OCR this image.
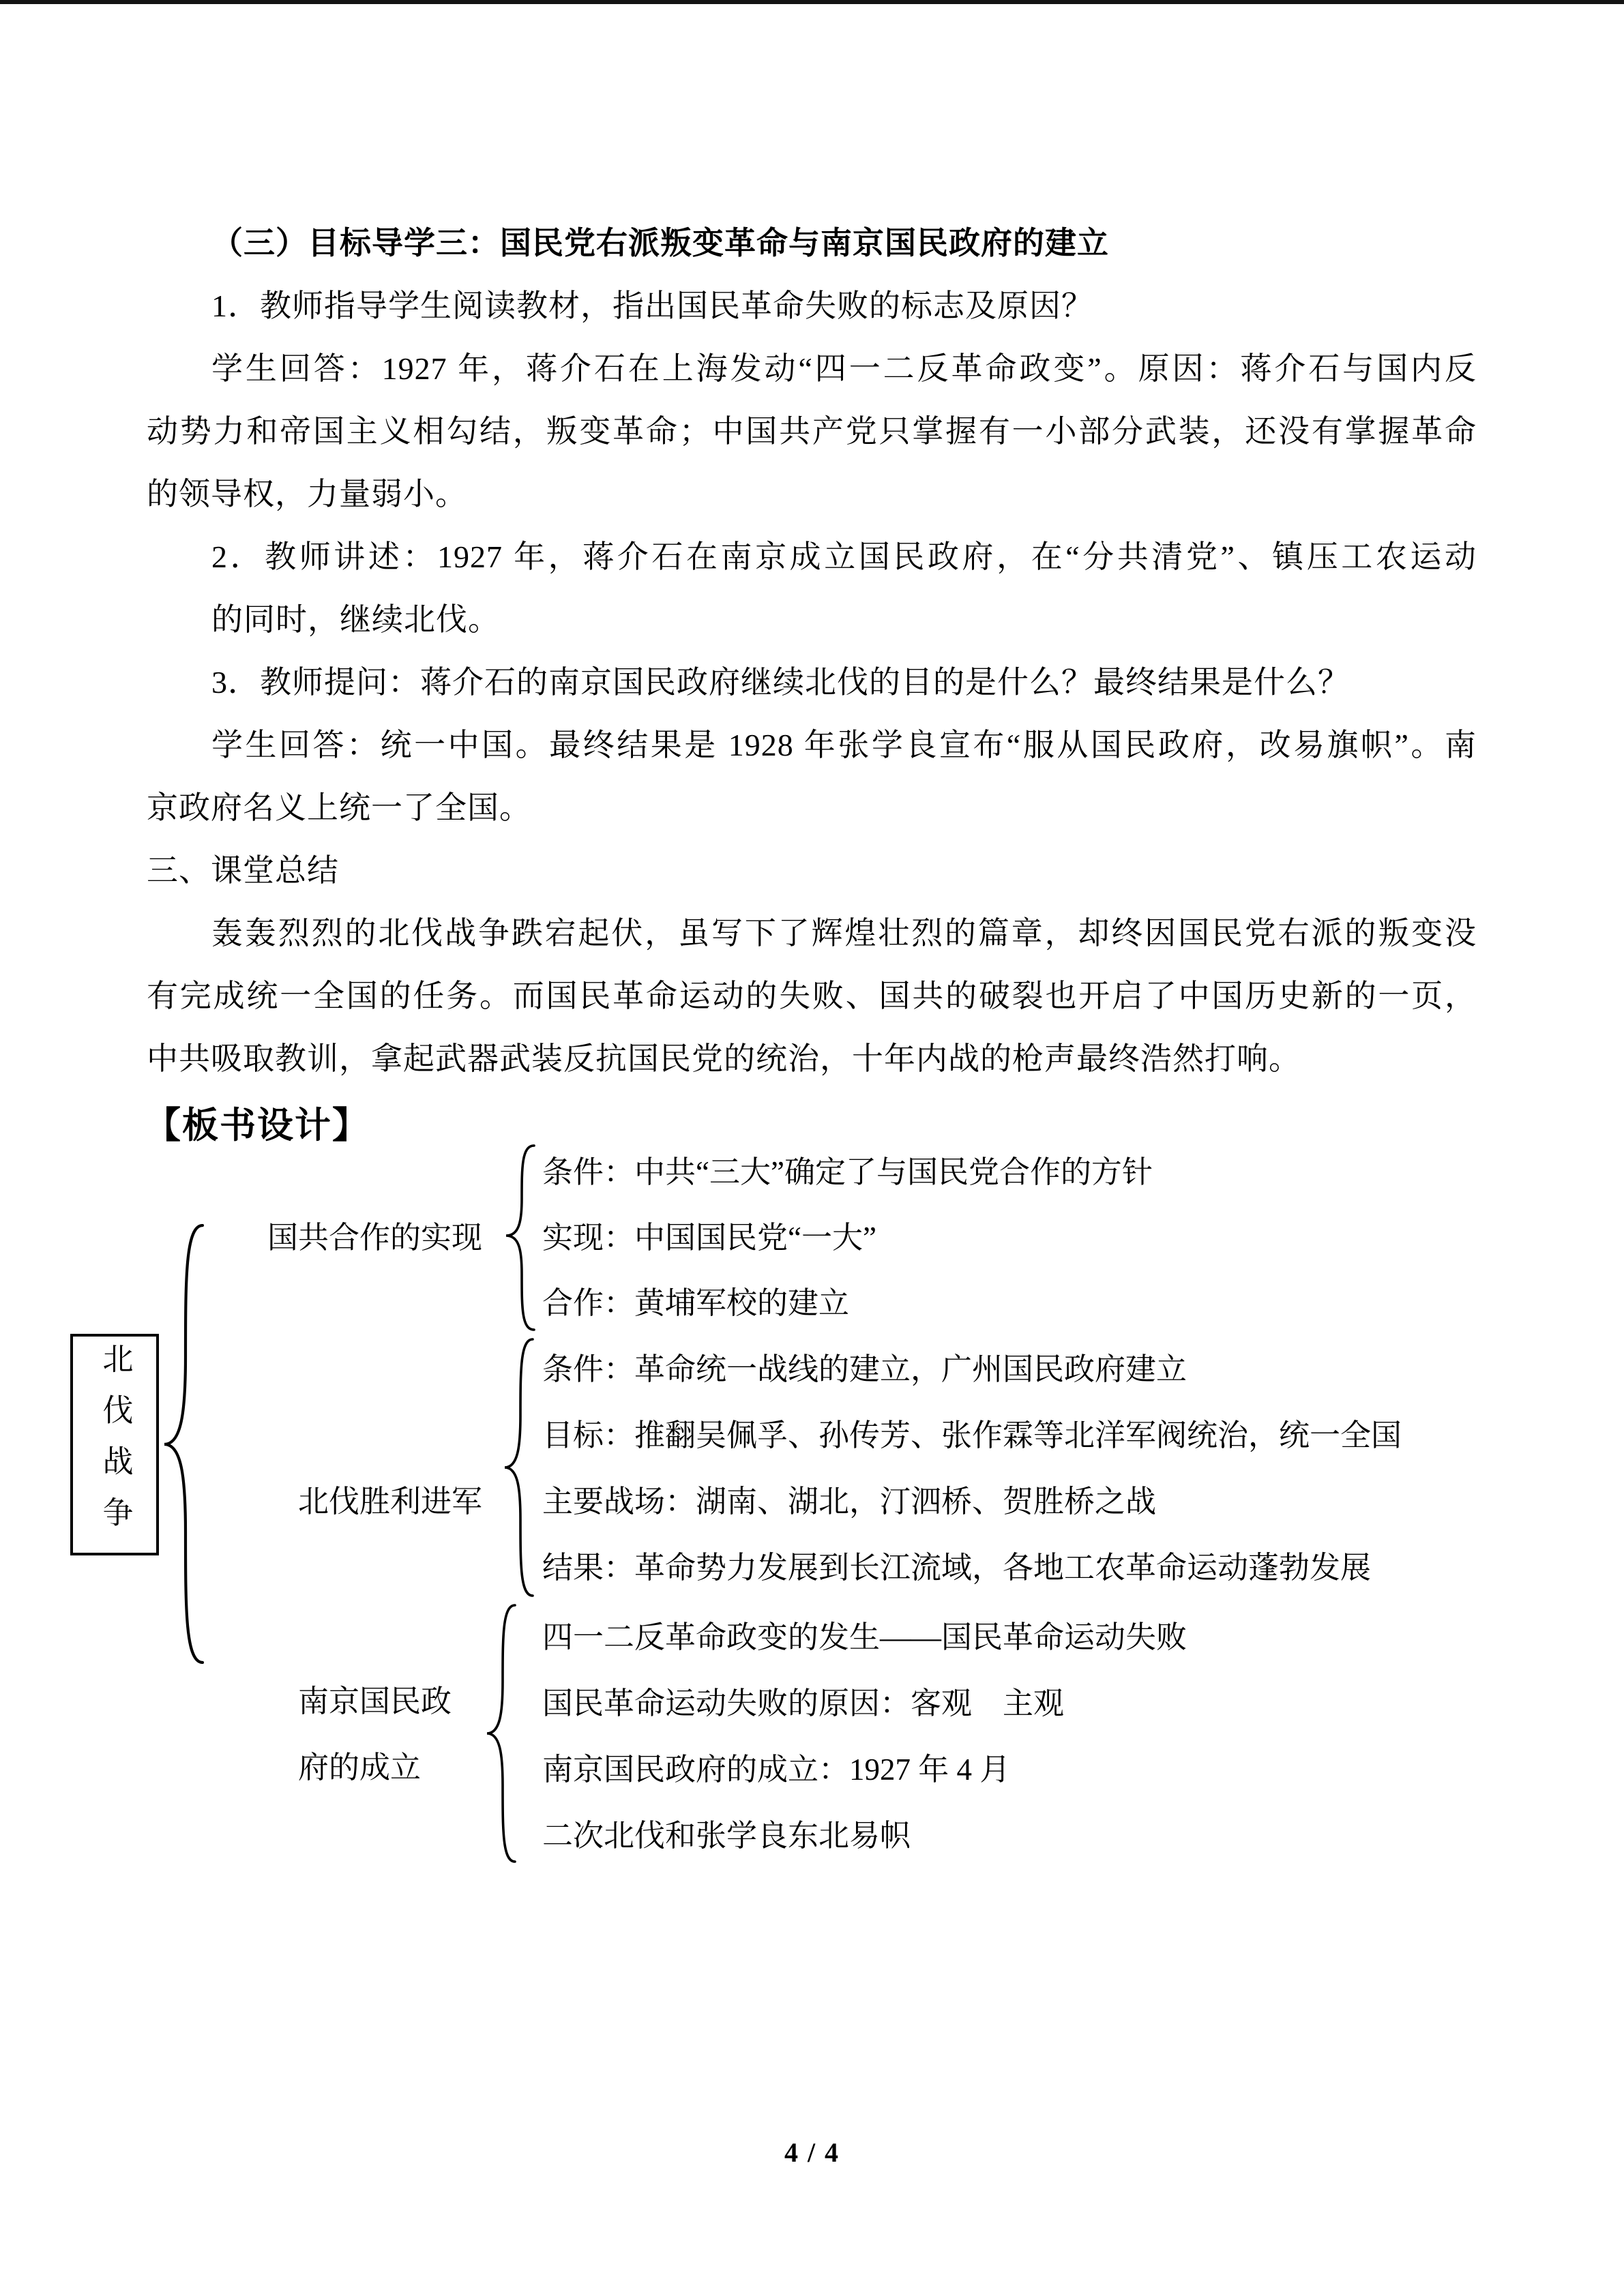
（三）目标导学三：国民党右派叛变革命与南京国民政府的建立
1．教师指导学生阅读教材，指出国民革命失败的标志及原因？
学生回答：1927 年，蒋介石在上海发动“四一二反革命政变”。原因：蒋介石与国内反
动势力和帝国主义相勾结，叛变革命；中国共产党只掌握有一小部分武装，还没有掌握革命
的领导权，力量弱小。
2．教师讲述：1927 年，蒋介石在南京成立国民政府，在“分共清党”、镇压工农运动
的同时，继续北伐。
3．教师提问：蒋介石的南京国民政府继续北伐的目的是什么？最终结果是什么？
学生回答：统一中国。最终结果是 1928 年张学良宣布“服从国民政府，改易旗帜”。南
京政府名义上统一了全国。
三、课堂总结
轰轰烈烈的北伐战争跌宕起伏，虽写下了辉煌壮烈的篇章，却终因国民党右派的叛变没
有完成统一全国的任务。而国民革命运动的失败、国共的破裂也开启了中国历史新的一页，
中共吸取教训，拿起武器武装反抗国民党的统治，十年内战的枪声最终浩然打响。
【板书设计】
北伐战争
国共合作的实现
北伐胜利进军
南京国民政府的成立
条件：中共“三大”确定了与国民党合作的方针
实现：中国国民党“一大”
合作：黄埔军校的建立
条件：革命统一战线的建立，广州国民政府建立
目标：推翻吴佩孚、孙传芳、张作霖等北洋军阀统治，统一全国
主要战场：湖南、湖北，汀泗桥、贺胜桥之战
结果：革命势力发展到长江流域，各地工农革命运动蓬勃发展
四一二反革命政变的发生——国民革命运动失败
国民革命运动失败的原因：客观　主观
南京国民政府的成立：1927 年 4 月
二次北伐和张学良东北易帜
4 / 4
